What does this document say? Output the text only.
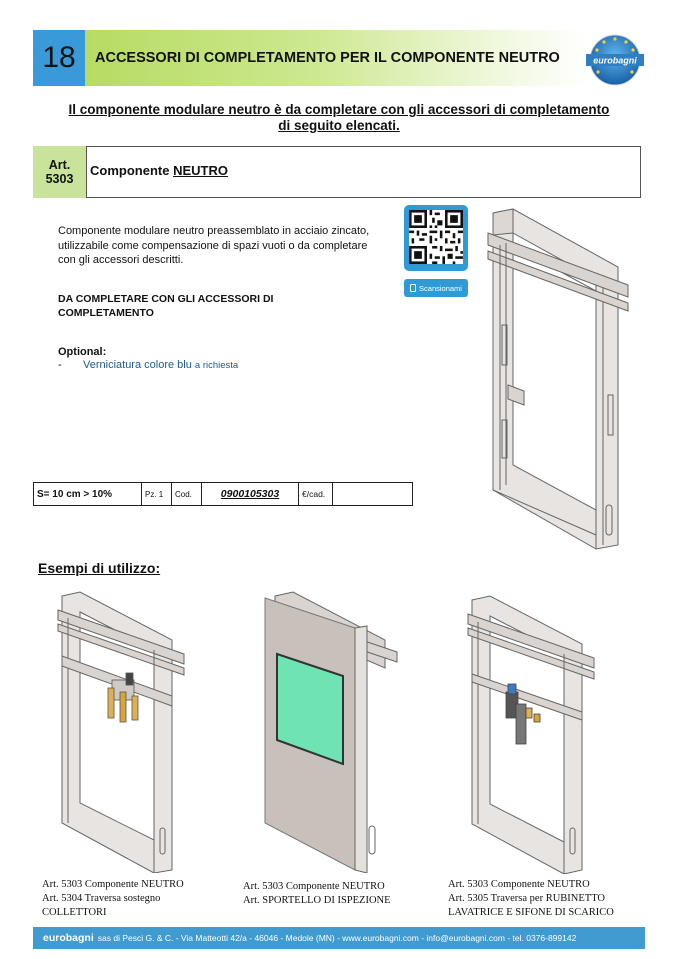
18	ACCESSORI DI COMPLETAMENTO PER IL COMPONENTE NEUTRO	eurobagni
Il componente modulare neutro è da completare con gli accessori di completamento
di seguito elencati.
Art.
5303
Componente NEUTRO
Componente modulare neutro preassemblato in acciaio zincato, utilizzabile come compensazione di spazi vuoti o da completare con gli accessori descritti.
DA COMPLETARE CON GLI ACCESSORI DI
COMPLETAMENTO
Optional:
- Verniciatura colore blu a richiesta
Scansionami
S= 10 cm > 10%	Pz. 1	Cod.	0900105303	€/cad.
Esempi di utilizzo:
Art. 5303 Componente NEUTRO
Art. 5304 Traversa sostegno
COLLETTORI
Art. 5303 Componente NEUTRO
Art. SPORTELLO DI ISPEZIONE
Art. 5303 Componente NEUTRO
Art. 5305 Traversa per RUBINETTO
LAVATRICE E SIFONE DI SCARICO
eurobagni sas di Pesci G. & C. - Via Matteotti 42/a - 46046 - Medole (MN) - www.eurobagni.com - info@eurobagni.com - tel. 0376-899142
